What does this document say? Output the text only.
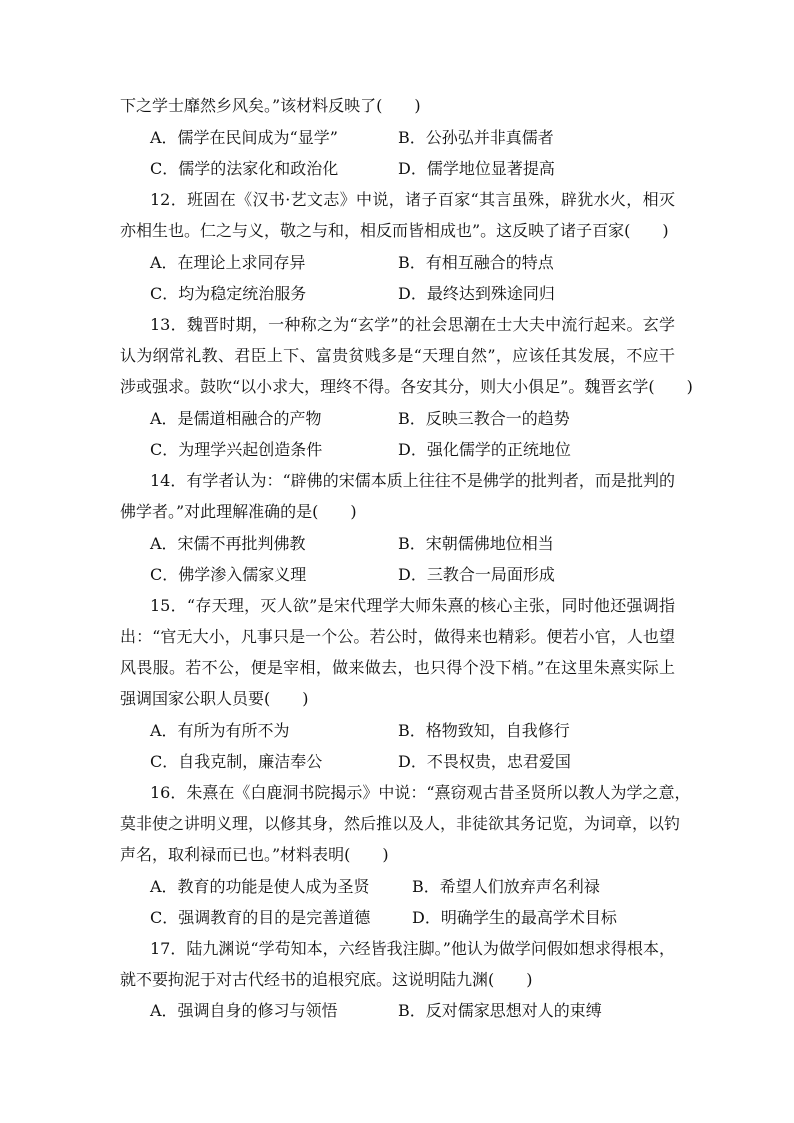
下之学士靡然乡风矣。”该材料反映了(　　)
A．儒学在民间成为“显学”	B．公孙弘并非真儒者
C．儒学的法家化和政治化	D．儒学地位显著提高
12．班固在《汉书·艺文志》中说，诸子百家“其言虽殊，辟犹水火，相灭
亦相生也。仁之与义，敬之与和，相反而皆相成也”。这反映了诸子百家(　　)
A．在理论上求同存异	B．有相互融合的特点
C．均为稳定统治服务	D．最终达到殊途同归
13．魏晋时期，一种称之为“玄学”的社会思潮在士大夫中流行起来。玄学
认为纲常礼教、君臣上下、富贵贫贱多是“天理自然”，应该任其发展，不应干
涉或强求。鼓吹“以小求大，理终不得。各安其分，则大小俱足”。魏晋玄学(　　)
A．是儒道相融合的产物	B．反映三教合一的趋势
C．为理学兴起创造条件	D．强化儒学的正统地位
14．有学者认为：“辟佛的宋儒本质上往往不是佛学的批判者，而是批判的
佛学者。”对此理解准确的是(　　)
A．宋儒不再批判佛教	B．宋朝儒佛地位相当
C．佛学渗入儒家义理	D．三教合一局面形成
15．“存天理，灭人欲”是宋代理学大师朱熹的核心主张，同时他还强调指
出：“官无大小，凡事只是一个公。若公时，做得来也精彩。便若小官，人也望
风畏服。若不公，便是宰相，做来做去，也只得个没下梢。”在这里朱熹实际上
强调国家公职人员要(　　)
A．有所为有所不为	B．格物致知，自我修行
C．自我克制，廉洁奉公	D．不畏权贵，忠君爱国
16．朱熹在《白鹿洞书院揭示》中说：“熹窃观古昔圣贤所以教人为学之意，
莫非使之讲明义理，以修其身，然后推以及人，非徒欲其务记览，为词章，以钓
声名，取利禄而已也。”材料表明(　　)
A．教育的功能是使人成为圣贤	B．希望人们放弃声名利禄
C．强调教育的目的是完善道德	D．明确学生的最高学术目标
17．陆九渊说“学苟知本，六经皆我注脚。”他认为做学问假如想求得根本，
就不要拘泥于对古代经书的追根究底。这说明陆九渊(　　)
A．强调自身的修习与领悟	B．反对儒家思想对人的束缚
